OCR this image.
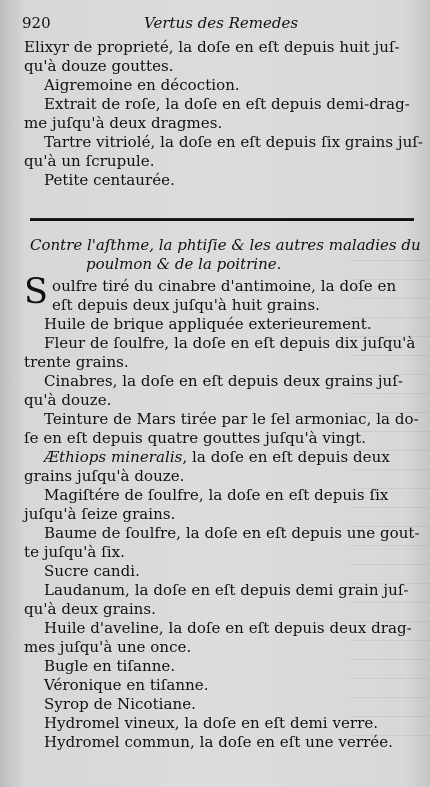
920	Vertus des Remedes

Elixyr de proprieté, la doſe en eſt depuis huit juſ-
qu'à douze gouttes.

Aigremoine en décoction.

Extrait de roſe, la doſe en eſt depuis demi-drag-
me juſqu'à deux dragmes.

Tartre vitriolé, la doſe en eſt depuis ſix grains juſ-
qu'à un ſcrupule.

Petite centaurée.

Contre l'aſthme, la phtiſie & les autres maladies du
poulmon & de la poitrine.

S oulfre tiré du cinabre d'antimoine, la doſe en
eſt depuis deux juſqu'à huit grains.

Huile de brique appliquée exterieurement.

Fleur de ſoulfre, la doſe en eſt depuis dix juſqu'à
trente grains.

Cinabres, la doſe en eſt depuis deux grains juſ-
qu'à douze.

Teinture de Mars tirée par le ſel armoniac, la do-
ſe en eſt depuis quatre gouttes juſqu'à vingt.

Æthiops mineralis, la doſe en eſt depuis deux
grains juſqu'à douze.

Magiſtére de ſoulfre, la doſe en eſt depuis ſix
juſqu'à ſeize grains.

Baume de ſoulfre, la doſe en eſt depuis une gout-
te juſqu'à ſix.

Sucre candi.

Laudanum, la doſe en eſt depuis demi grain juſ-
qu'à deux grains.

Huile d'aveline, la doſe en eſt depuis deux drag-
mes juſqu'à une once.

Bugle en tiſanne.

Véronique en tiſanne.

Syrop de Nicotiane.

Hydromel vineux, la doſe en eſt demi verre.

Hydromel commun, la doſe en eſt une verrée.
